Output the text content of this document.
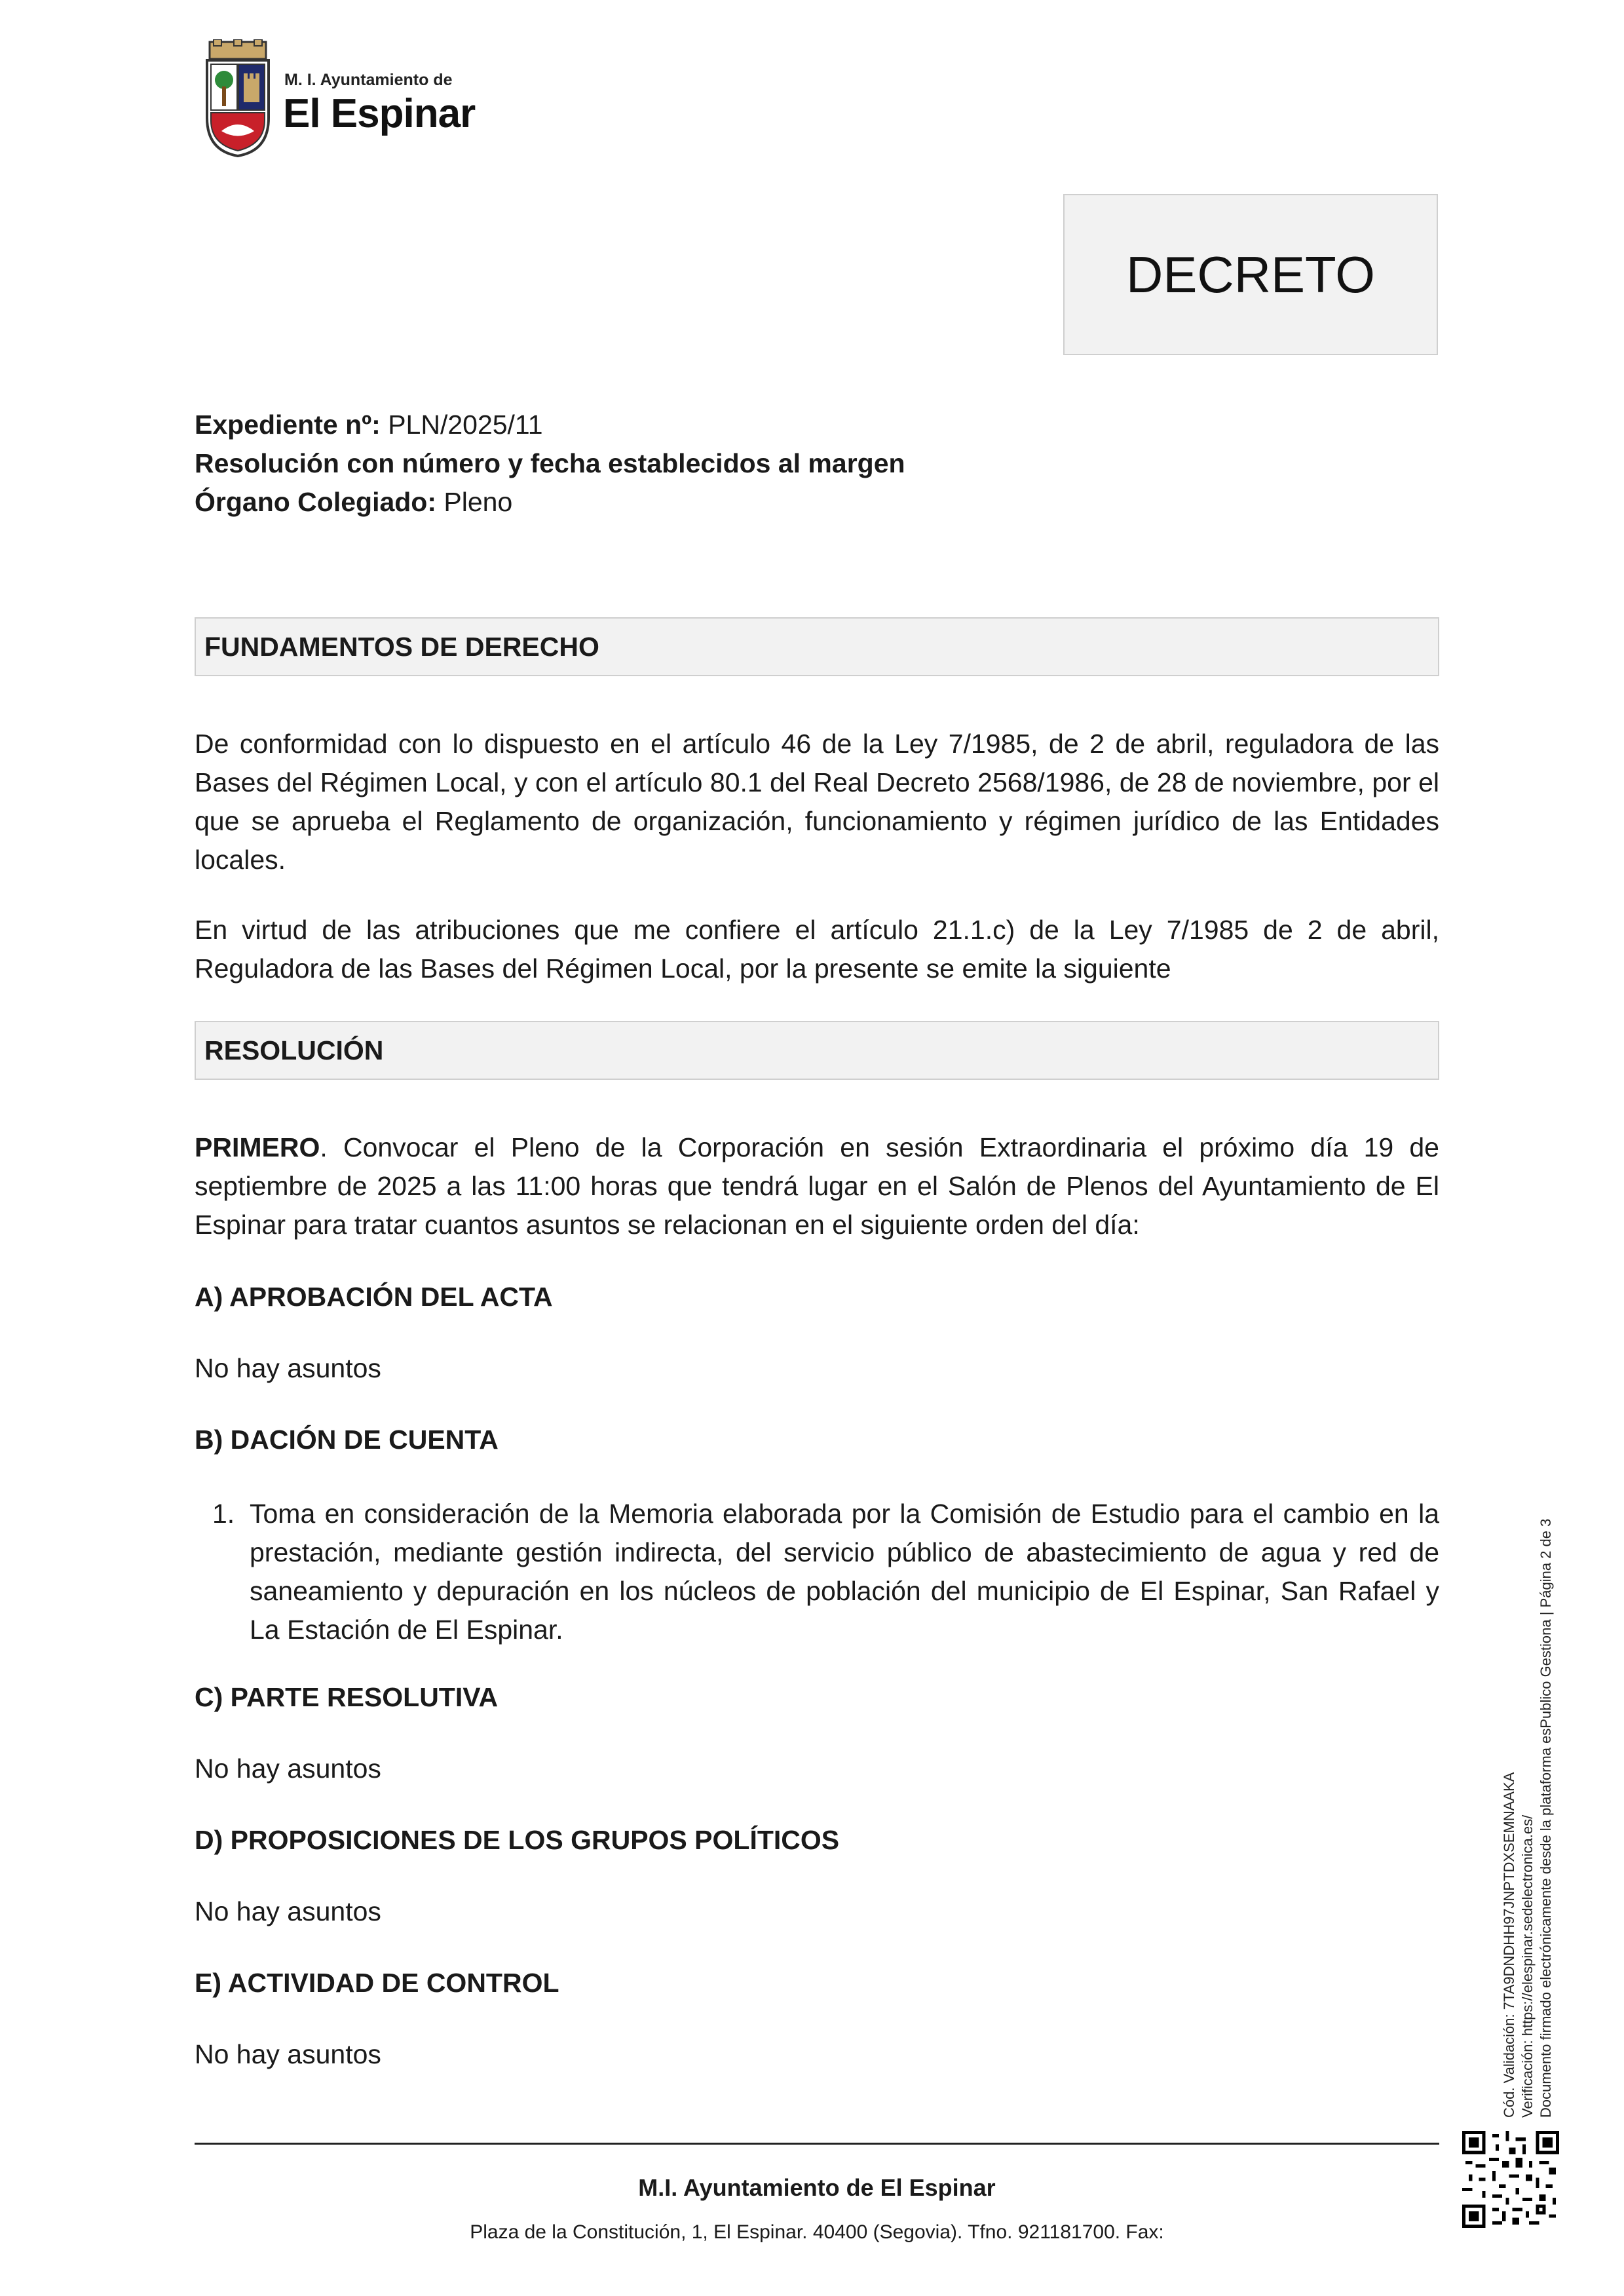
M. I. Ayuntamiento de
El Espinar
DECRETO
Expediente nº: PLN/2025/11
Resolución con número y fecha establecidos al margen
Órgano Colegiado: Pleno
FUNDAMENTOS DE DERECHO

De conformidad con lo dispuesto en el artículo 46 de la Ley 7/1985, de 2 de abril, reguladora de las Bases del Régimen Local, y con el artículo 80.1 del Real Decreto 2568/1986, de 28 de noviembre, por el que se aprueba el Reglamento de organización, funcionamiento y régimen jurídico de las Entidades locales.

En virtud de las atribuciones que me confiere el artículo 21.1.c) de la Ley 7/1985 de 2 de abril, Reguladora de las Bases del Régimen Local, por la presente se emite la siguiente

RESOLUCIÓN

PRIMERO. Convocar el Pleno de la Corporación en sesión Extraordinaria el próximo día 19 de septiembre de 2025 a las 11:00 horas que tendrá lugar en el Salón de Plenos del Ayuntamiento de El Espinar para tratar cuantos asuntos se relacionan en el siguiente orden del día:

A) APROBACIÓN DEL ACTA
No hay asuntos
B) DACIÓN DE CUENTA
1. Toma en consideración de la Memoria elaborada por la Comisión de Estudio para el cambio en la prestación, mediante gestión indirecta, del servicio público de abastecimiento de agua y red de saneamiento y depuración en los núcleos de población del municipio de El Espinar, San Rafael y La Estación de El Espinar.

C) PARTE RESOLUTIVA
No hay asuntos
D) PROPOSICIONES DE LOS GRUPOS POLÍTICOS
No hay asuntos
E) ACTIVIDAD DE CONTROL
No hay asuntos	Cód. Validación: 7TA9DNDHH97JNPTDXSEMNAAKA Verificación: https://elespinar.sedelectronica.es/ Documento firmado electrónicamente desde la plataforma esPublico Gestiona | Página 2 de 3
M.I. Ayuntamiento de El Espinar
Plaza de la Constitución, 1, El Espinar. 40400 (Segovia). Tfno. 921181700. Fax:
